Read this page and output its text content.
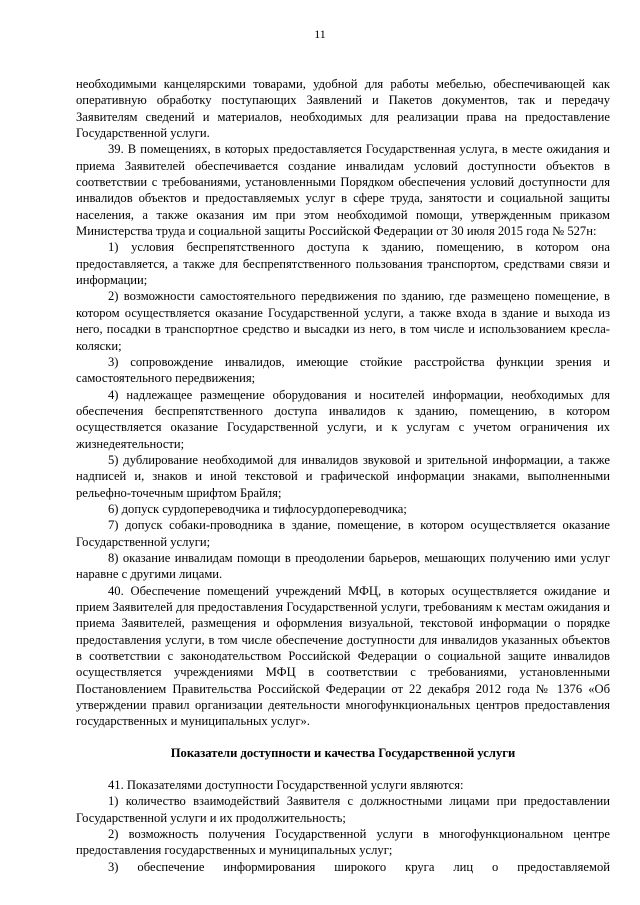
11

необходимыми канцелярскими товарами, удобной для работы мебелью, обеспечивающей как оперативную обработку поступающих Заявлений и Пакетов документов, так и передачу Заявителям сведений и материалов, необходимых для реализации права на предоставление Государственной услуги.

39. В помещениях, в которых предоставляется Государственная услуга, в месте ожидания и приема Заявителей обеспечивается создание инвалидам условий доступности объектов в соответствии с требованиями, установленными Порядком обеспечения условий доступности для инвалидов объектов и предоставляемых услуг в сфере труда, занятости и социальной защиты населения, а также оказания им при этом необходимой помощи, утвержденным приказом Министерства труда и социальной защиты Российской Федерации от 30 июля 2015 года № 527н:

1) условия беспрепятственного доступа к зданию, помещению, в котором она предоставляется, а также для беспрепятственного пользования транспортом, средствами связи и информации;

2) возможности самостоятельного передвижения по зданию, где размещено помещение, в котором осуществляется оказание Государственной услуги, а также входа в здание и выхода из него, посадки в транспортное средство и высадки из него, в том числе и использованием кресла-коляски;

3) сопровождение инвалидов, имеющие стойкие расстройства функции зрения и самостоятельного передвижения;

4) надлежащее размещение оборудования и носителей информации, необходимых для обеспечения беспрепятственного доступа инвалидов к зданию, помещению, в котором осуществляется оказание Государственной услуги, и к услугам с учетом ограничения их жизнедеятельности;

5) дублирование необходимой для инвалидов звуковой и зрительной информации, а также надписей и, знаков и иной текстовой и графической информации знаками, выполненными рельефно-точечным шрифтом Брайля;

6) допуск сурдопереводчика и тифлосурдопереводчика;

7) допуск собаки-проводника в здание, помещение, в котором осуществляется оказание Государственной услуги;

8) оказание инвалидам помощи в преодолении барьеров, мешающих получению ими услуг наравне с другими лицами.

40. Обеспечение помещений учреждений МФЦ, в которых осуществляется ожидание и прием Заявителей для предоставления Государственной услуги, требованиям к местам ожидания и приема Заявителей, размещения и оформления визуальной, текстовой информации о порядке предоставления услуги, в том числе обеспечение доступности для инвалидов указанных объектов в соответствии с законодательством Российской Федерации о социальной защите инвалидов осуществляется учреждениями МФЦ в соответствии с требованиями, установленными Постановлением Правительства Российской Федерации от 22 декабря 2012 года № 1376 «Об утверждении правил организации деятельности многофункциональных центров предоставления государственных и муниципальных услуг».

Показатели доступности и качества Государственной услуги

41. Показателями доступности Государственной услуги являются:

1) количество взаимодействий Заявителя с должностными лицами при предоставлении Государственной услуги и их продолжительность;

2) возможность получения Государственной услуги в многофункциональном центре предоставления государственных и муниципальных услуг;

3) обеспечение информирования широкого круга лиц о предоставляемой
